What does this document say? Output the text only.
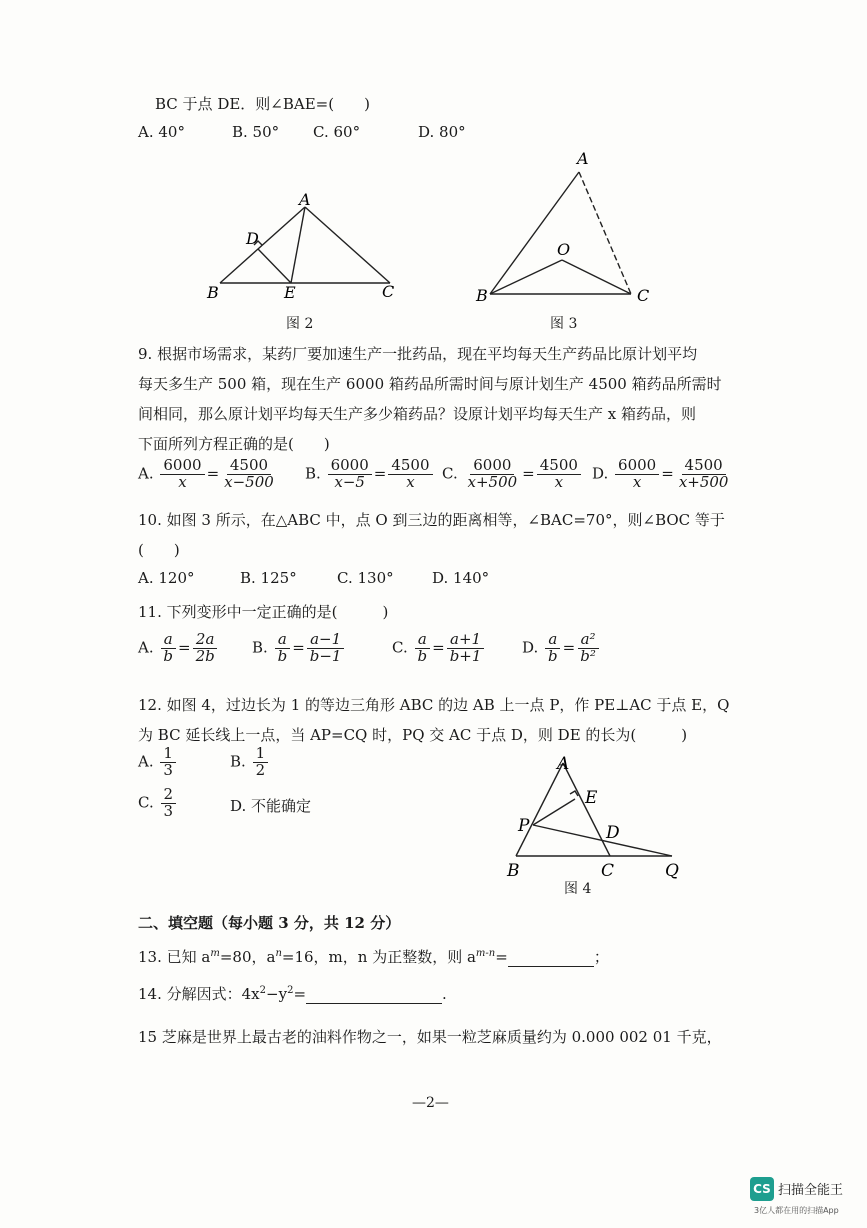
BC 于点 DE．则∠BAE=(　　)
A. 40°	B. 50° C. 60°	D. 80°
A
D
B	E	C
图 2
A
O
B	C
图 3
9. 根据市场需求，某药厂要加速生产一批药品，现在平均每天生产药品比原计划平均
每天多生产 500 箱，现在生产 6000 箱药品所需时间与原计划生产 4500 箱药品所需时
间相同，那么原计划平均每天生产多少箱药品？设原计划平均每天生产 x 箱药品，则
下面所列方程正确的是(　　)
A. $\frac{6000}{x} = \frac{4500}{x-500} B$. $\frac{6000}{x-5} = \frac{4500}{x} C$. $\frac{6000}{x+500} = \frac{4500}{x} D$. $\frac{6000}{x} = \frac{4500}{x+500}$
10. 如图 3 所示，在△ABC 中，点 O 到三边的距离相等，∠BAC=70°，则∠BOC 等于
(　　)
A. 120°	B. 125°	C. 130°	D. 140°
11. 下列变形中一定正确的是(　　　)
A. $\frac{a}{b} = \frac{2a}{2b} B$. $\frac{a}{b} = \frac{a-1}{b-1}$	C. $\frac{a}{b} = \frac{a+1}{b+1}$	D. $\frac{a}{b} = \frac{\text{a²}}{\text{b²}}$
12. 如图 4，过边长为 1 的等边三角形 ABC 的边 AB 上一点 P，作 PE⊥AC 于点 E，Q
为 BC 延长线上一点，当 AP=CQ 时，PQ 交 AC 于点 D，则 DE 的长为(　　　)
A. $\frac{1}{3}$	B. $\frac{1}{2}$
C. $\frac{2}{3}$	D. 不能确定
A
E
P	D
B	C	Q
图 4
二、填空题（每小题 3 分，共 12 分）
13. 已知 $a^m=80$，$a^n=16$，m，n 为正整数，则 $a^{m-n}=$	；
14. 分解因式：$4x^2-y^2=$	.
15 芝麻是世界上最古老的油料作物之一，如果一粒芝麻质量约为 0.000 002 01 千克，
—2—
CS 扫描全能王
3亿人都在用的扫描App
